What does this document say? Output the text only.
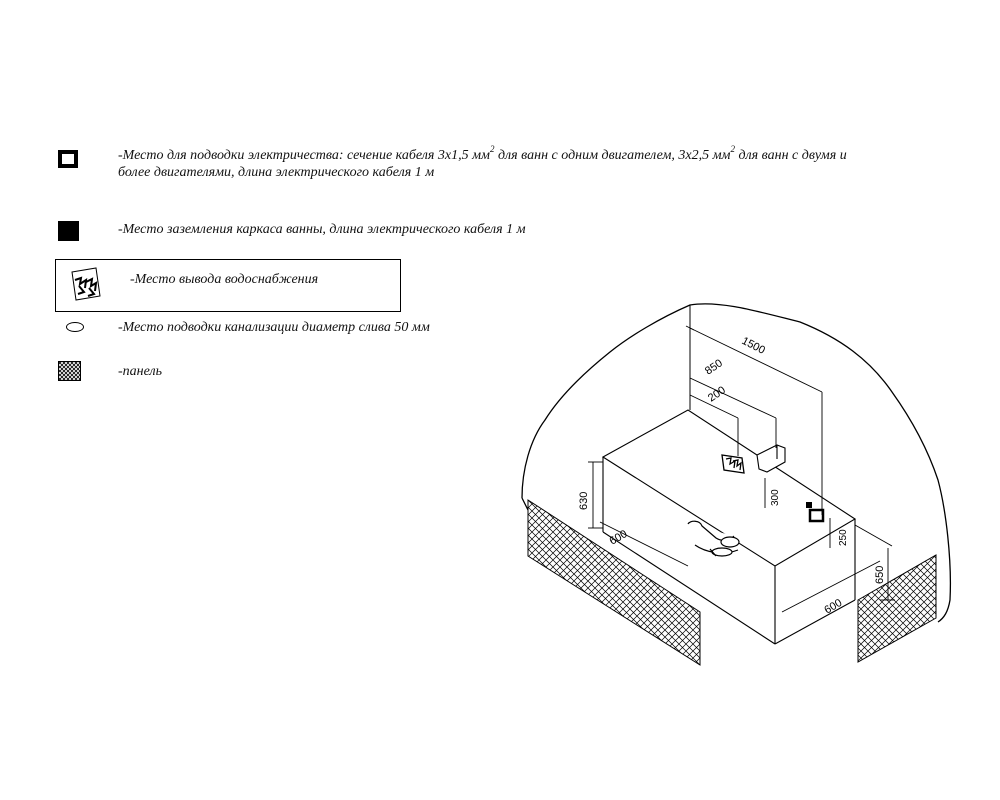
-Место для подводки электричества: сечение кабеля 3х1,5 $мм^2$ для ванн с одним двигателем, 3х2,5 $мм^2$ для ванн с двумя и
более двигателями, длина электрического кабеля 1 м
-Место заземления каркаса ванны, длина электрического кабеля 1 м
-Место вывода водоснабжения
-Место подводки канализации диаметр слива 50 мм
-панель
1500
850
200
630
600
300
250
650
600
